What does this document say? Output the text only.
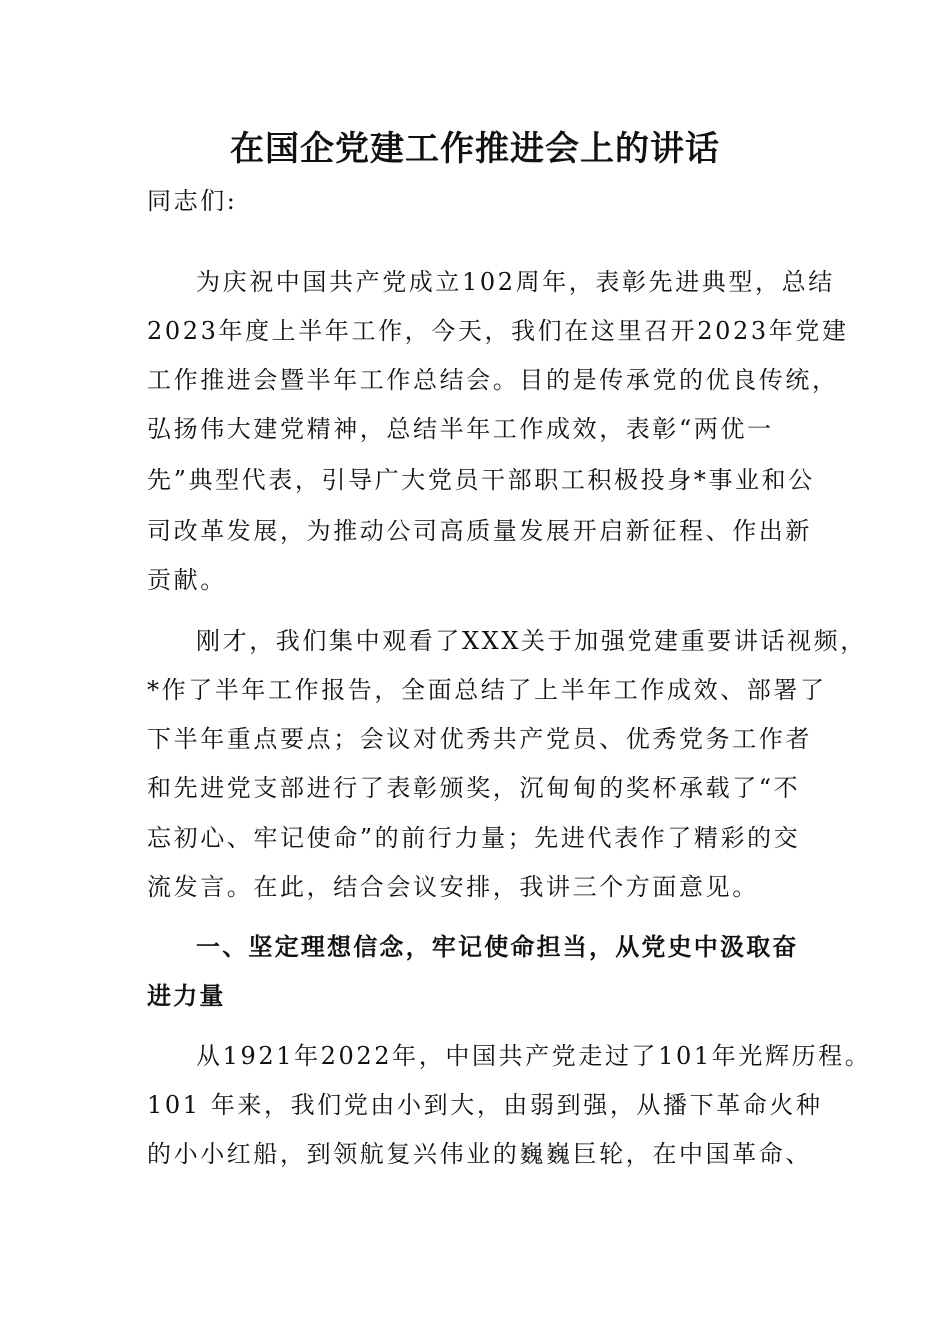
在国企党建工作推进会上的讲话
同志们:
为庆祝中国共产党成立102周年，表彰先进典型，总结
2023年度上半年工作，今天，我们在这里召开2023年党建
工作推进会暨半年工作总结会。目的是传承党的优良传统，
弘扬伟大建党精神，总结半年工作成效，表彰“两优一
先”典型代表，引导广大党员干部职工积极投身*事业和公
司改革发展，为推动公司高质量发展开启新征程、作出新
贡献。
刚才，我们集中观看了XXX关于加强党建重要讲话视频，
*作了半年工作报告，全面总结了上半年工作成效、部署了
下半年重点要点；会议对优秀共产党员、优秀党务工作者
和先进党支部进行了表彰颁奖，沉甸甸的奖杯承载了“不
忘初心、牢记使命”的前行力量；先进代表作了精彩的交
流发言。在此，结合会议安排，我讲三个方面意见。
一、坚定理想信念，牢记使命担当，从党史中汲取奋
进力量
从1921年2022年，中国共产党走过了101年光辉历程。
101 年来，我们党由小到大，由弱到强，从播下革命火种
的小小红船，到领航复兴伟业的巍巍巨轮，在中国革命、
